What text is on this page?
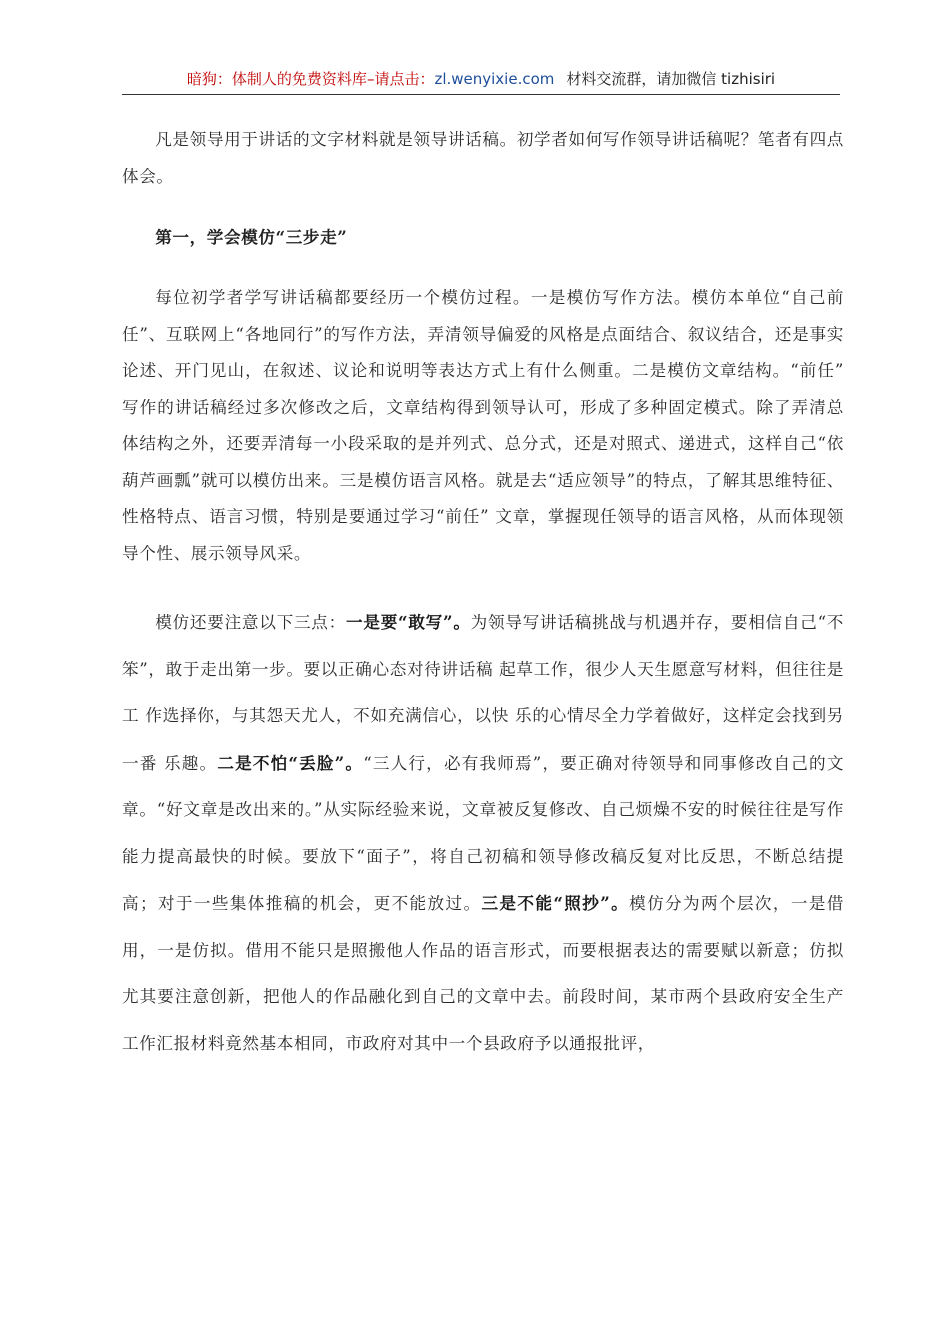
暗狗：体制人的免费资料库–请点击：zl.wenyixie.com 材料交流群，请加微信 tizhisiri

凡是领导用于讲话的文字材料就是领导讲话稿。初学者如何写作领导讲话稿呢？笔者有四点体会。

第一，学会模仿“三步走”

每位初学者学写讲话稿都要经历一个模仿过程。一是模仿写作方法。模仿本单位“自己前任”、互联网上“各地同行”的写作方法，弄清领导偏爱的风格是点面结合、叙议结合，还是事实论述、开门见山，在叙述、议论和说明等表达方式上有什么侧重。二是模仿文章结构。“前任” 写作的讲话稿经过多次修改之后，文章结构得到领导认可，形成了多种固定模式。除了弄清总体结构之外，还要弄清每一小段采取的是并列式、总分式，还是对照式、递进式，这样自己“依葫芦画瓢”就可以模仿出来。三是模仿语言风格。就是去“适应领导”的特点，了解其思维特征、性格特点、语言习惯，特别是要通过学习“前任” 文章，掌握现任领导的语言风格，从而体现领导个性、展示领导风采。

模仿还要注意以下三点：一是要“敢写”。为领导写讲话稿挑战与机遇并存，要相信自己“不笨”，敢于走出第一步。要以正确心态对待讲话稿 起草工作，很少人天生愿意写材料，但往往是工 作选择你，与其怨天尤人，不如充满信心，以快 乐的心情尽全力学着做好，这样定会找到另一番 乐趣。二是不怕“丢脸”。“三人行，必有我师焉”，要正确对待领导和同事修改自己的文章。“好文章是改出来的。”从实际经验来说，文章被反复修改、自己烦燥不安的时候往往是写作能力提高最快的时候。要放下“面子”，将自己初稿和领导修改稿反复对比反思，不断总结提高；对于一些集体推稿的机会，更不能放过。三是不能“照抄”。模仿分为两个层次，一是借用，一是仿拟。借用不能只是照搬他人作品的语言形式，而要根据表达的需要赋以新意；仿拟尤其要注意创新，把他人的作品融化到自己的文章中去。前段时间，某市两个县政府安全生产工作汇报材料竟然基本相同，市政府对其中一个县政府予以通报批评，
